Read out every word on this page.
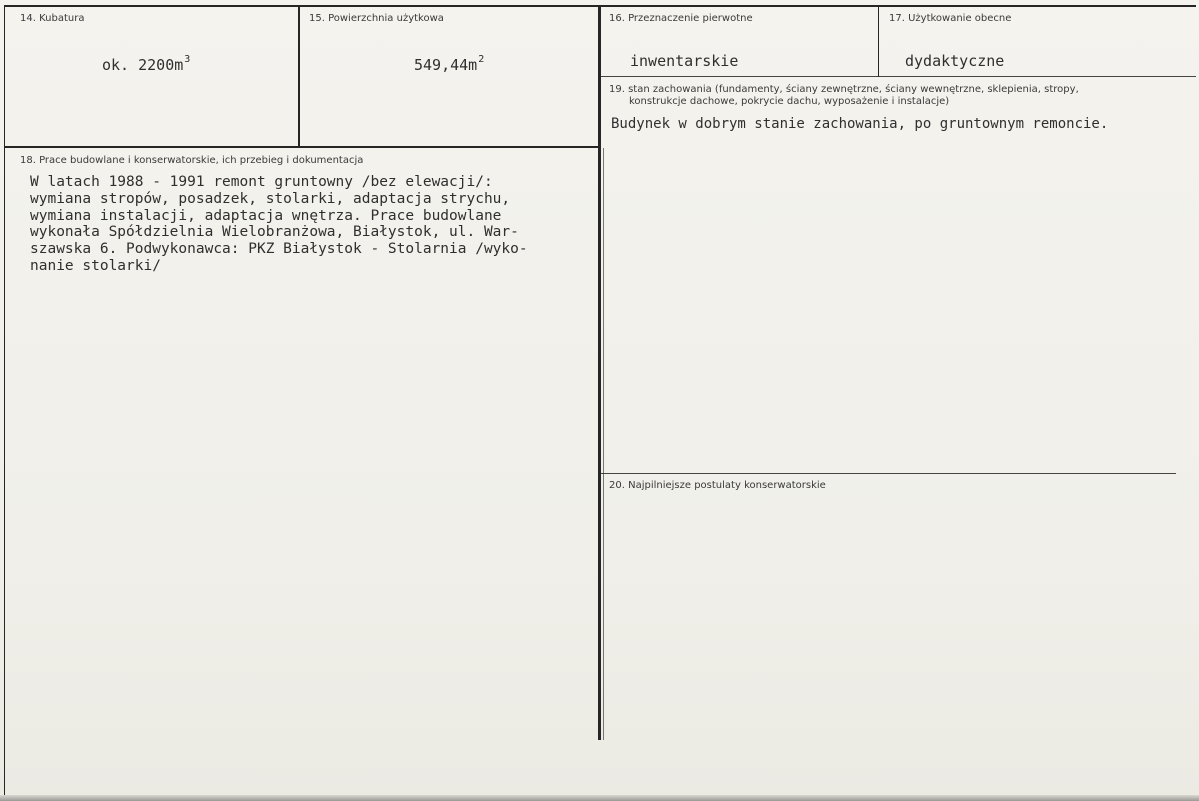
14. Kubatura
ok. $2200m^3$
15. Powierzchnia użytkowa
$549,44m^2$
16. Przeznaczenie pierwotne
inwentarskie
17. Użytkowanie obecne
dydaktyczne
19. stan zachowania (fundamenty, ściany zewnętrzne, ściany wewnętrzne, sklepienia, stropy,
konstrukcje dachowe, pokrycie dachu, wyposażenie i instalacje)
Budynek w dobrym stanie zachowania, po gruntownym remoncie.
18. Prace budowlane i konserwatorskie, ich przebieg i dokumentacja
W latach 1988 - 1991 remont gruntowny /bez elewacji/:
wymiana stropów, posadzek, stolarki, adaptacja strychu,
wymiana instalacji, adaptacja wnętrza. Prace budowlane
wykonała Spółdzielnia Wielobranżowa, Białystok, ul. War-
szawska 6. Podwykonawca: PKZ Białystok - Stolarnia /wyko-
nanie stolarki/
20. Najpilniejsze postulaty konserwatorskie
